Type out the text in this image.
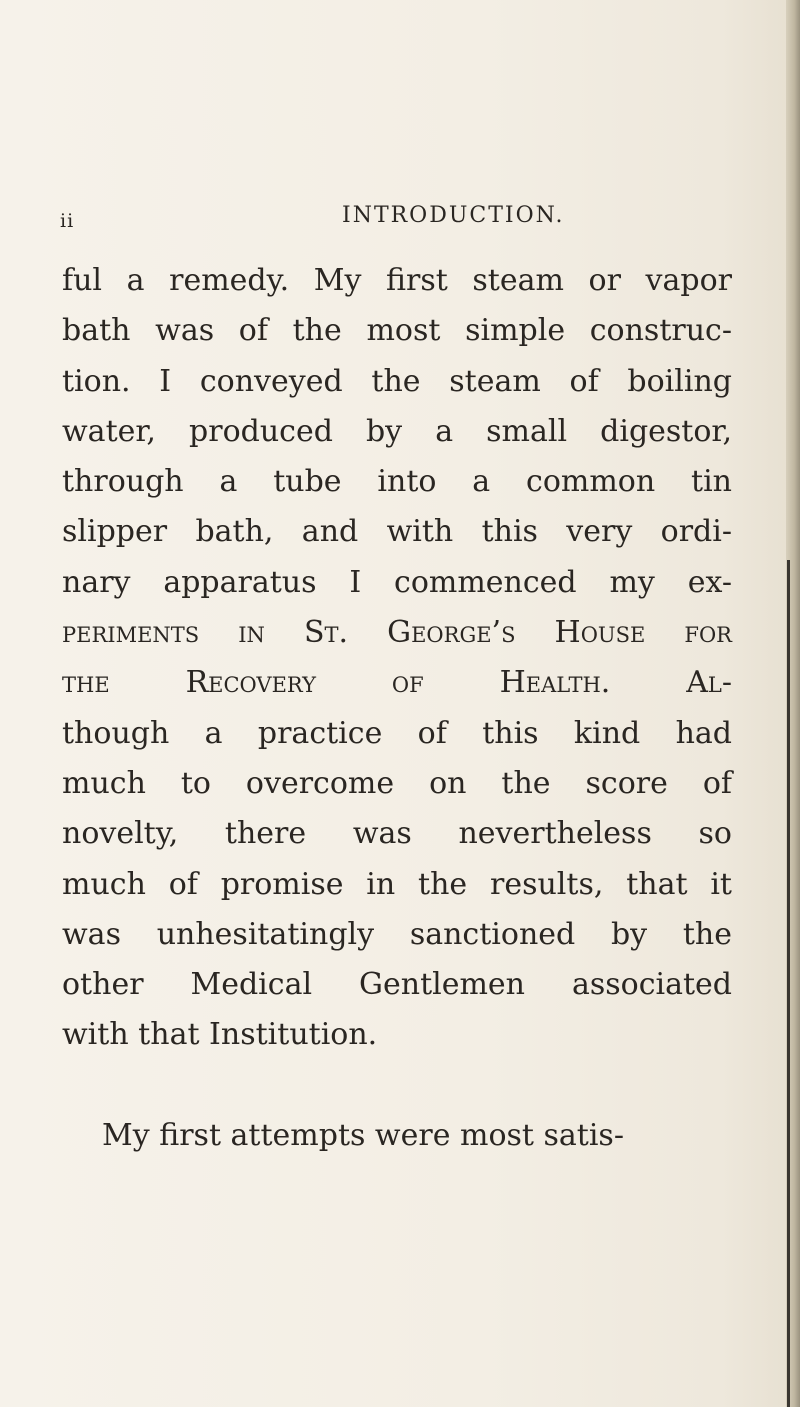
ii	INTRODUCTION.
ful a remedy. My first steam or vapor
bath was of the most simple construc-
tion. I conveyed the steam of boiling
water, produced by a small digestor,
through a tube into a common tin
slipper bath, and with this very ordi-
nary apparatus I commenced my ex-
periments in St. George’s House for
the Recovery of Health. Al-
though a practice of this kind had
much to overcome on the score of
novelty, there was nevertheless so
much of promise in the results, that it
was unhesitatingly sanctioned by the
other Medical Gentlemen associated
with that Institution.
My first attempts were most satis-
